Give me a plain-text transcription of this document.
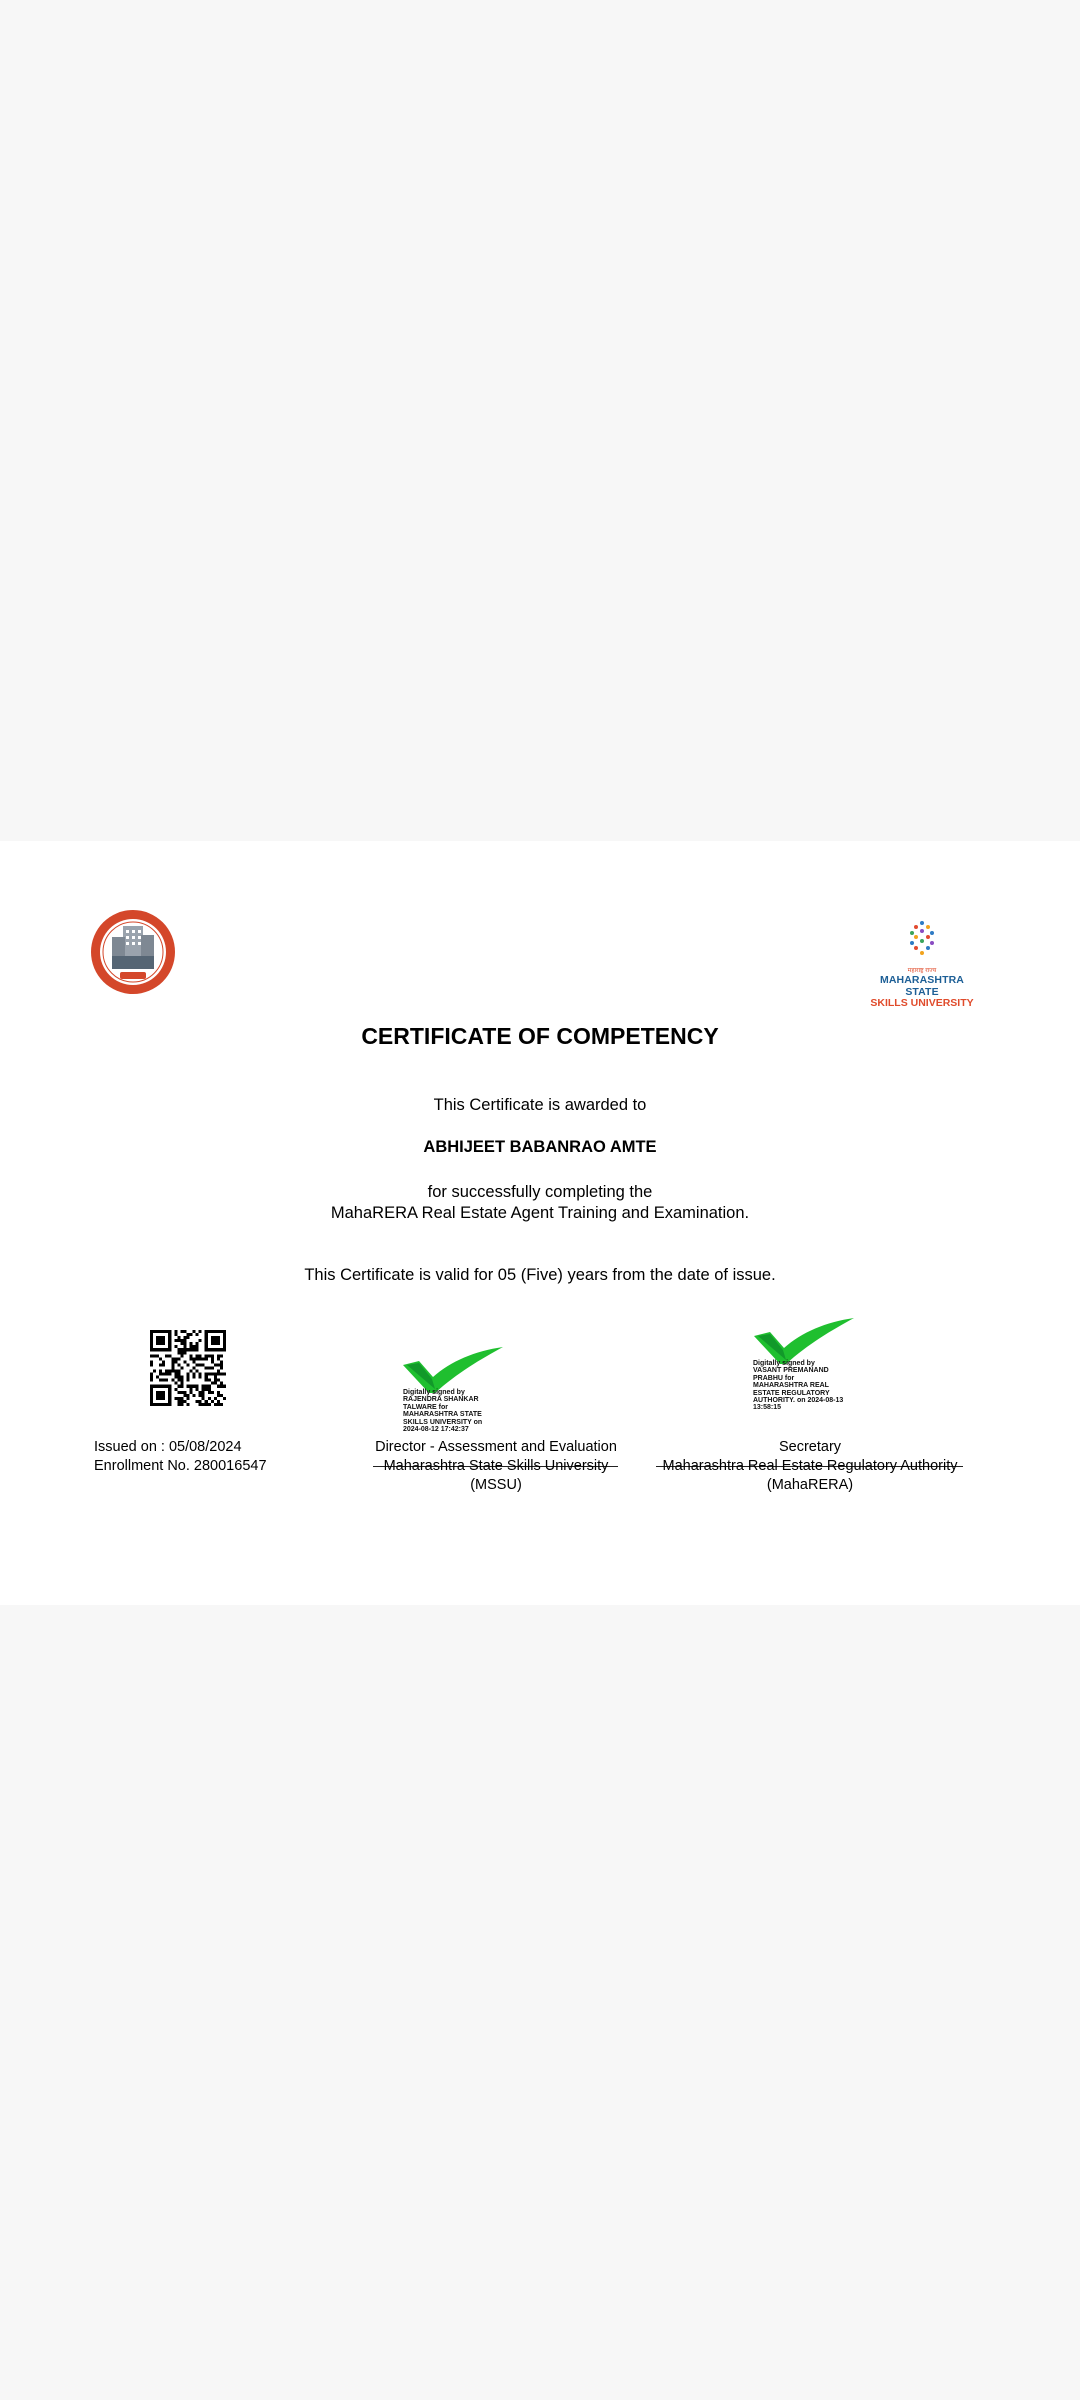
महाराष्ट्र राज्य
MAHARASHTRA STATE
SKILLS UNIVERSITY
CERTIFICATE OF COMPETENCY
This Certificate is awarded to
ABHIJEET BABANRAO AMTE
for successfully completing the
MahaRERA Real Estate Agent Training and Examination.
This Certificate is valid for 05 (Five) years from the date of issue.
Issued on : 05/08/2024
Enrollment No. 280016547
Digitally signed by
RAJENDRA SHANKAR
TALWARE for
MAHARASHTRA STATE
SKILLS UNIVERSITY on
2024-08-12 17:42:37
Digitally signed by
VASANT PREMANAND
PRABHU for
MAHARASHTRA REAL
ESTATE REGULATORY
AUTHORITY. on 2024-08-13
13:58:15
Director - Assessment and Evaluation
Maharashtra State Skills University
(MSSU)
Secretary
Maharashtra Real Estate Regulatory Authority
(MahaRERA)
